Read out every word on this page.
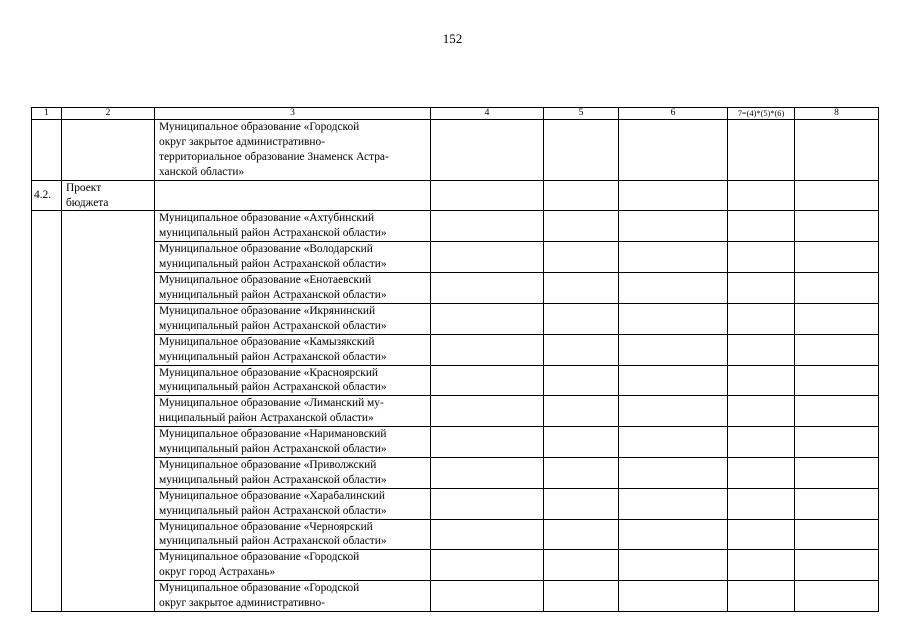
152
1	2	3	4	5	6	7=(4)*(5)*(6)	8

		Муниципальное образование «Городской
округ закрытое административно-
территориальное образование Знаменск Астра-
ханской области»					

4.2.	Проект
бюджета						

		Муниципальное образование «Ахтубинский
муниципальный район Астраханской области»					

		Муниципальное образование «Володарский
муниципальный район Астраханской области»					

		Муниципальное образование «Енотаевский
муниципальный район Астраханской области»					

		Муниципальное образование «Икрянинский
муниципальный район Астраханской области»					

		Муниципальное образование «Камызякский
муниципальный район Астраханской области»					

		Муниципальное образование «Красноярский
муниципальный район Астраханской области»					

		Муниципальное образование «Лиманский му-
ниципальный район Астраханской области»					

		Муниципальное образование «Наримановский
муниципальный район Астраханской области»					

		Муниципальное образование «Приволжский
муниципальный район Астраханской области»					

		Муниципальное образование «Харабалинский
муниципальный район Астраханской области»					

		Муниципальное образование «Черноярский
муниципальный район Астраханской области»					

		Муниципальное образование «Городской
округ город Астрахань»					

		Муниципальное образование «Городской
округ закрытое административно-					
